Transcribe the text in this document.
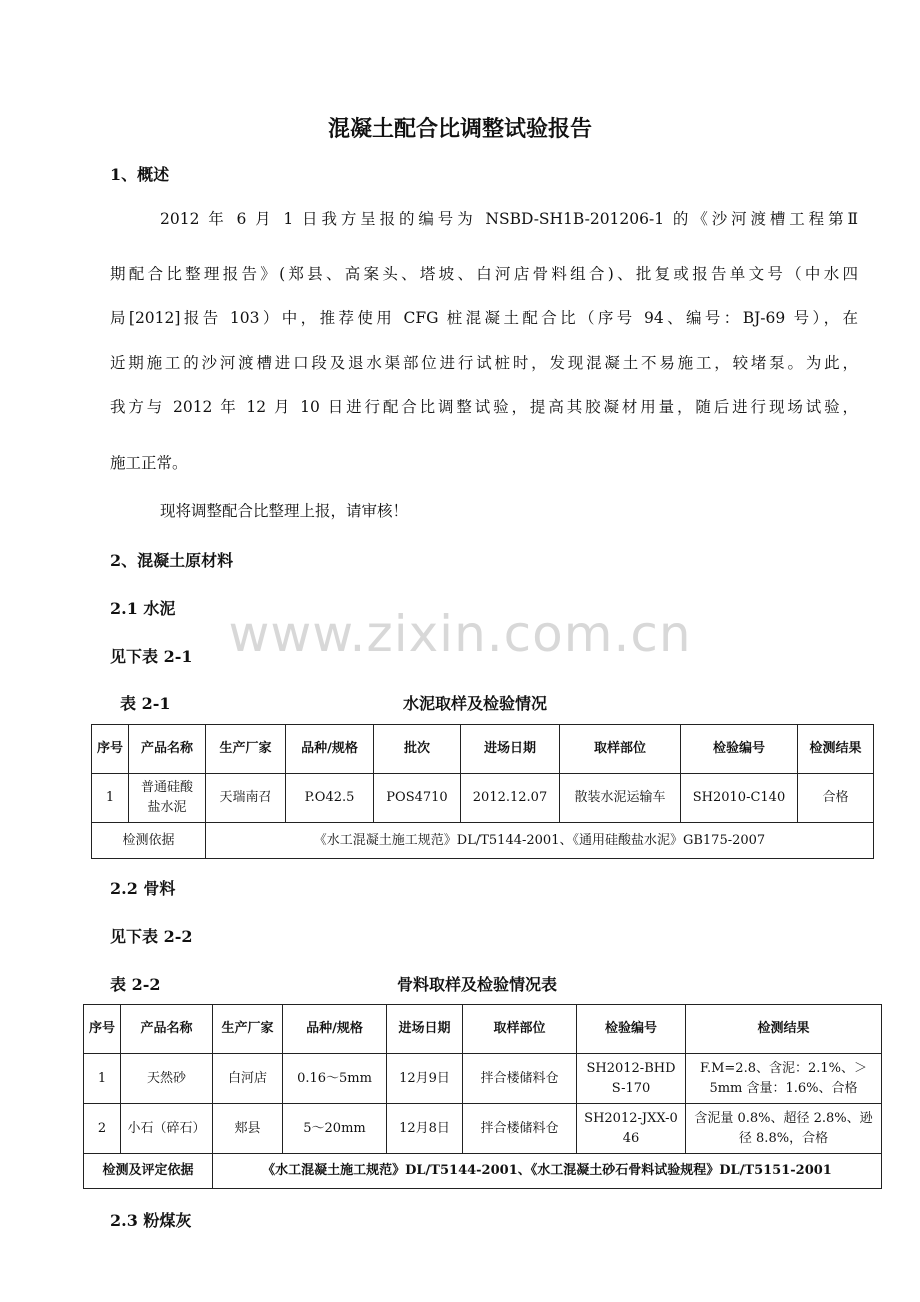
混凝土配合比调整试验报告
www.zixin.com.cn
1、概述
2012 年 6 月 1 日我方呈报的编号为 NSBD-SH1B-201206-1 的《沙河渡槽工程第Ⅱ
期配合比整理报告》(郑县、高案头、塔坡、白河店骨料组合)、批复或报告单文号（中水四
局[2012]报告 103）中，推荐使用 CFG 桩混凝土配合比（序号 94、编号：BJ-69 号），在
近期施工的沙河渡槽进口段及退水渠部位进行试桩时，发现混凝土不易施工，较堵泵。为此，
我方与 2012 年 12 月 10 日进行配合比调整试验，提高其胶凝材用量，随后进行现场试验，
施工正常。
现将调整配合比整理上报，请审核！
2、混凝土原材料
2.1 水泥
见下表 2-1
表 2-1	水泥取样及检验情况
序号	产品名称	生产厂家	品种/规格	批次	进场日期	取样部位	检验编号	检测结果
1	普通硅酸盐水泥	天瑞南召	P.O42.5	POS4710	2012.12.07	散装水泥运输车	SH2010-C140	合格
检测依据		《水工混凝土施工规范》DL/T5144-2001、《通用硅酸盐水泥》GB175-2007						
2.2 骨料
见下表 2-2
表 2-2	骨料取样及检验情况表
序号	产品名称	生产厂家	品种/规格	进场日期	取样部位	检验编号	检测结果
1	天然砂	白河店	0.16～5mm	12月9日	拌合楼储料仓	SH2012-BHDS-170	F.M=2.8、含泥：2.1%、＞5mm 含量：1.6%、合格
2	小石（碎石）	郏县	5～20mm	12月8日	拌合楼储料仓	SH2012-JXX-046	含泥量 0.8%、超径 2.8%、逊径 8.8%，合格
检测及评定依据		《水工混凝土施工规范》DL/T5144-2001、《水工混凝土砂石骨料试验规程》DL/T5151-2001					
2.3 粉煤灰
